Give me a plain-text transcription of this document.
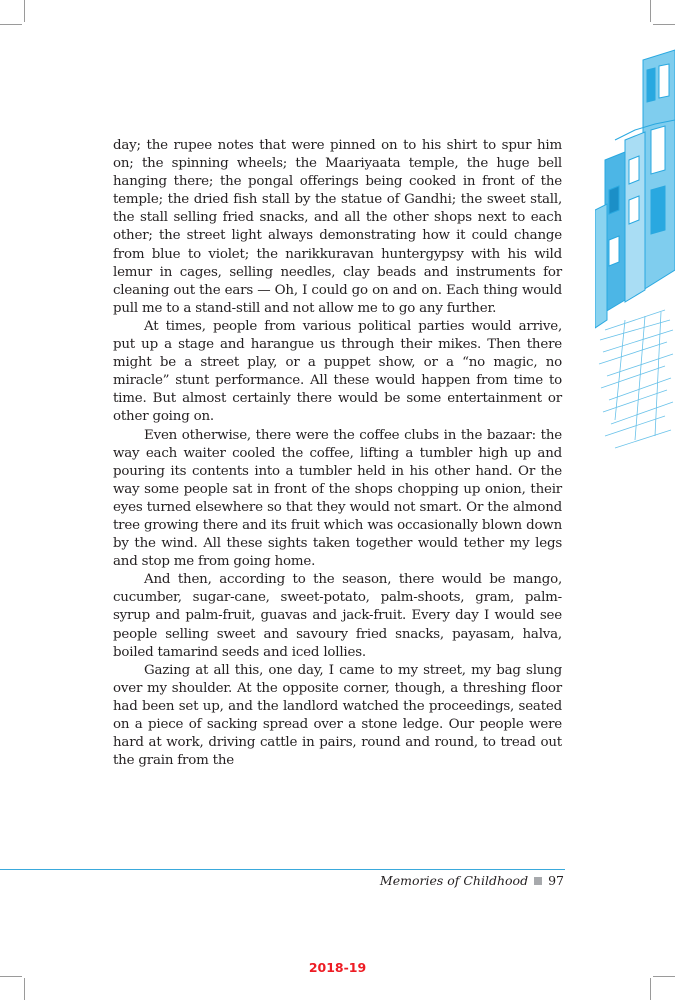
day; the rupee notes that were pinned on to his shirt to spur him on; the spinning wheels; the Maariyaata temple, the huge bell hanging there; the pongal offerings being cooked in front of the temple; the dried fish stall by the statue of Gandhi; the sweet stall, the stall selling fried snacks, and all the other shops next to each other; the street light always demonstrating how it could change from blue to violet; the narikkuravan huntergypsy with his wild lemur in cages, selling needles, clay beads and instruments for cleaning out the ears — Oh, I could go on and on. Each thing would pull me to a stand-still and not allow me to go any further.

At times, people from various political parties would arrive, put up a stage and harangue us through their mikes. Then there might be a street play, or a puppet show, or a “no magic, no miracle” stunt performance. All these would happen from time to time. But almost certainly there would be some entertainment or other going on.

Even otherwise, there were the coffee clubs in the bazaar: the way each waiter cooled the coffee, lifting a tumbler high up and pouring its contents into a tumbler held in his other hand. Or the way some people sat in front of the shops chopping up onion, their eyes turned elsewhere so that they would not smart. Or the almond tree growing there and its fruit which was occasionally blown down by the wind. All these sights taken together would tether my legs and stop me from going home.

And then, according to the season, there would be mango, cucumber, sugar-cane, sweet-potato, palm-shoots, gram, palm-syrup and palm-fruit, guavas and jack-fruit. Every day I would see people selling sweet and savoury fried snacks, payasam, halva, boiled tamarind seeds and iced lollies.

Gazing at all this, one day, I came to my street, my bag slung over my shoulder. At the opposite corner, though, a threshing floor had been set up, and the landlord watched the proceedings, seated on a piece of sacking spread over a stone ledge. Our people were hard at work, driving cattle in pairs, round and round, to tread out the grain from the

Memories of Childhood 97
2018-19
